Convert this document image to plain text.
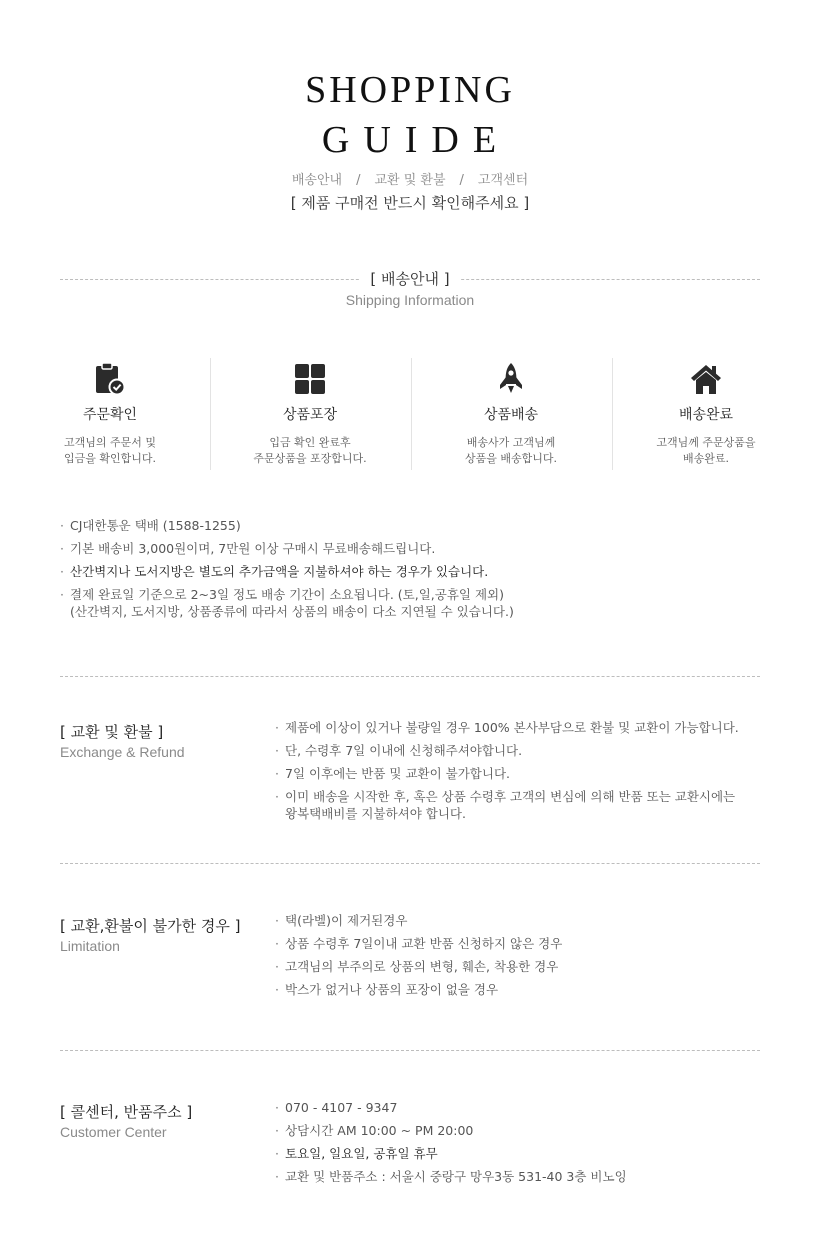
SHOPPING
GUIDE
배송안내 / 교환 및 환불 / 고객센터
[ 제품 구매전 반드시 확인해주세요 ]
[ 배송안내 ]
Shipping Information
주문확인
고객님의 주문서 및
입금을 확인합니다.
상품포장
입금 확인 완료후
주문상품을 포장합니다.
상품배송
배송사가 고객님께
상품을 배송합니다.
배송완료
고객님께 주문상품을
배송완료.
· CJ대한통운 택배 (1588-1255)
· 기본 배송비 3,000원이며, 7만원 이상 구매시 무료배송해드립니다.
· 산간벽지나 도서지방은 별도의 추가금액을 지불하셔야 하는 경우가 있습니다.
· 결제 완료일 기준으로 2~3일 정도 배송 기간이 소요됩니다. (토,일,공휴일 제외)
(산간벽지, 도서지방, 상품종류에 따라서 상품의 배송이 다소 지연될 수 있습니다.)
[ 교환 및 환불 ]
Exchange & Refund
· 제품에 이상이 있거나 불량일 경우 100% 본사부담으로 환불 및 교환이 가능합니다.
· 단, 수령후 7일 이내에 신청해주셔야합니다.
· 7일 이후에는 반품 및 교환이 불가합니다.
· 이미 배송을 시작한 후, 혹은 상품 수령후 고객의 변심에 의해 반품 또는 교환시에는
왕복택배비를 지불하셔야 합니다.
[ 교환,환불이 불가한 경우 ]
Limitation
· 택(라벨)이 제거된경우
· 상품 수령후 7일이내 교환 반품 신청하지 않은 경우
· 고객님의 부주의로 상품의 변형, 훼손, 착용한 경우
· 박스가 없거나 상품의 포장이 없을 경우
[ 콜센터, 반품주소 ]
Customer Center
· 070 - 4107 - 9347
· 상담시간 AM 10:00 ~ PM 20:00
· 토요일, 일요일, 공휴일 휴무
· 교환 및 반품주소 : 서울시 중랑구 망우3동 531-40 3층 비노잉
